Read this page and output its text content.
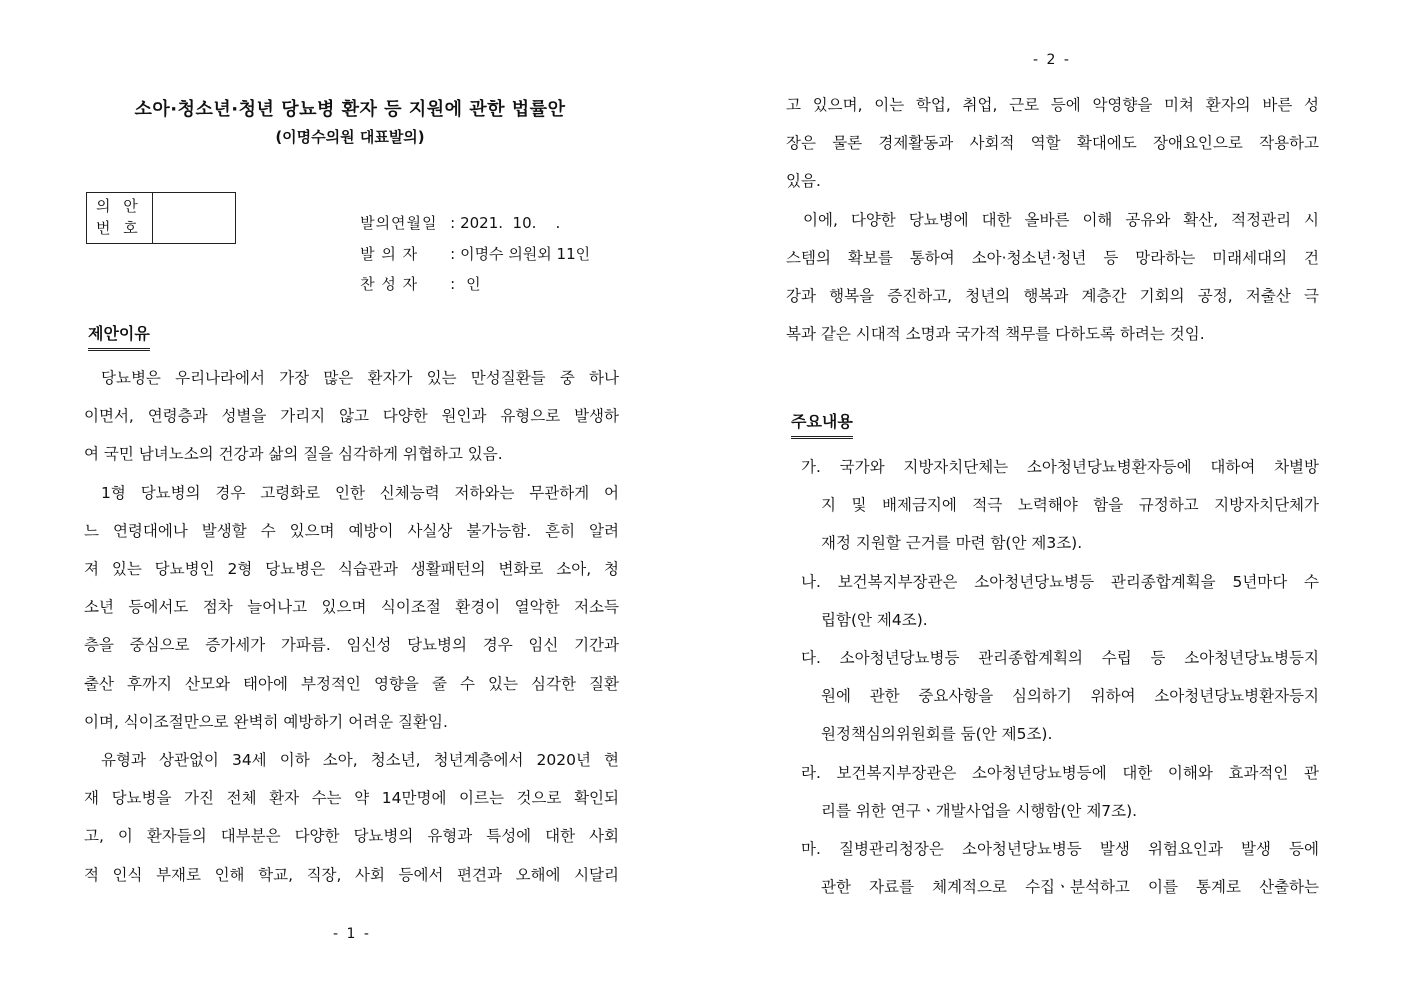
소아·청소년·청년 당뇨병 환자 등 지원에 관한 법률안
(이명수의원 대표발의)
의 안
번 호	발의연월일 : 2021.  10.    .

발 의 자 : 이명수 의원외 11인

찬 성 자 : 인

제안이유
당뇨병은 우리나라에서 가장 많은 환자가 있는 만성질환들 중 하나
이면서, 연령층과 성별을 가리지 않고 다양한 원인과 유형으로 발생하
여 국민 남녀노소의 건강과 삶의 질을 심각하게 위협하고 있음.
1형 당뇨병의 경우 고령화로 인한 신체능력 저하와는 무관하게 어
느 연령대에나 발생할 수 있으며 예방이 사실상 불가능함. 흔히 알려
져 있는 당뇨병인 2형 당뇨병은 식습관과 생활패턴의 변화로 소아, 청
소년 등에서도 점차 늘어나고 있으며 식이조절 환경이 열악한 저소득
층을 중심으로 증가세가 가파름. 임신성 당뇨병의 경우 임신 기간과
출산 후까지 산모와 태아에 부정적인 영향을 줄 수 있는 심각한 질환
이며, 식이조절만으로 완벽히 예방하기 어려운 질환임.
유형과 상관없이 34세 이하 소아, 청소년, 청년계층에서 2020년 현
재 당뇨병을 가진 전체 환자 수는 약 14만명에 이르는 것으로 확인되
고, 이 환자들의 대부분은 다양한 당뇨병의 유형과 특성에 대한 사회
적 인식 부재로 인해 학교, 직장, 사회 등에서 편견과 오해에 시달리
- 1 -
- 2 -
고 있으며, 이는 학업, 취업, 근로 등에 악영향을 미쳐 환자의 바른 성
장은 물론 경제활동과 사회적 역할 확대에도 장애요인으로 작용하고
있음.
이에, 다양한 당뇨병에 대한 올바른 이해 공유와 확산, 적정관리 시
스템의 확보를 통하여 소아·청소년·청년 등 망라하는 미래세대의 건
강과 행복을 증진하고, 청년의 행복과 계층간 기회의 공정, 저출산 극
복과 같은 시대적 소명과 국가적 책무를 다하도록 하려는 것임.
주요내용
가. 국가와 지방자치단체는 소아청년당뇨병환자등에 대하여 차별방
지 및 배제금지에 적극 노력해야 함을 규정하고 지방자치단체가
재정 지원할 근거를 마련 함(안 제3조).
나. 보건복지부장관은 소아청년당뇨병등 관리종합계획을 5년마다 수
립함(안 제4조).
다. 소아청년당뇨병등 관리종합계획의 수립 등 소아청년당뇨병등지
원에 관한 중요사항을 심의하기 위하여 소아청년당뇨병환자등지
원정책심의위원회를 둠(안 제5조).
라. 보건복지부장관은 소아청년당뇨병등에 대한 이해와 효과적인 관
리를 위한 연구ㆍ개발사업을 시행함(안 제7조).
마. 질병관리청장은 소아청년당뇨병등 발생 위험요인과 발생 등에
관한 자료를 체계적으로 수집ㆍ분석하고 이를 통계로 산출하는
